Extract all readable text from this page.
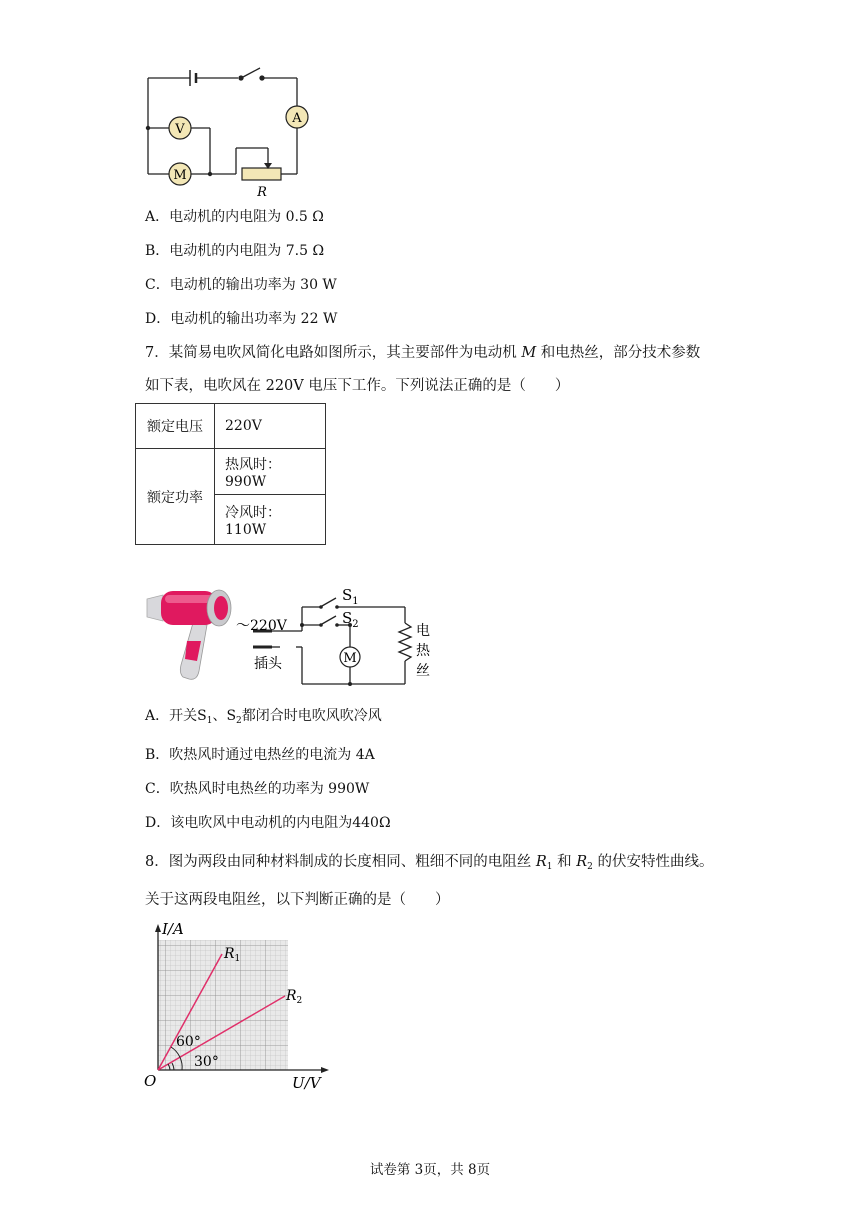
V
A
M
R
A．电动机的内电阻为 0.5 Ω
B．电动机的内电阻为 7.5 Ω
C．电动机的输出功率为 30 W
D．电动机的输出功率为 22 W
7．某简易电吹风简化电路如图所示，其主要部件为电动机 M 和电热丝，部分技术参数
如下表，电吹风在 220V 电压下工作。下列说法正确的是（　　）
额定电压	220V
额定功率	热风时：990W
	冷风时：110W
M
～220V
插头
$S_1$
$S_2$	电
热
丝
A．开关$S_1$、$S_2$都闭合时电吹风吹冷风
B．吹热风时通过电热丝的电流为 4A
C．吹热风时电热丝的功率为 990W
D．该电吹风中电动机的内电阻为440Ω
8．图为两段由同种材料制成的长度相同、粗细不同的电阻丝 $R_1$ 和 $R_2$ 的伏安特性曲线。
关于这两段电阻丝，以下判断正确的是（　　）
I/A
U/V
O
$R_1$
$R_2$
60°
30°
试卷第 3页，共 8页
